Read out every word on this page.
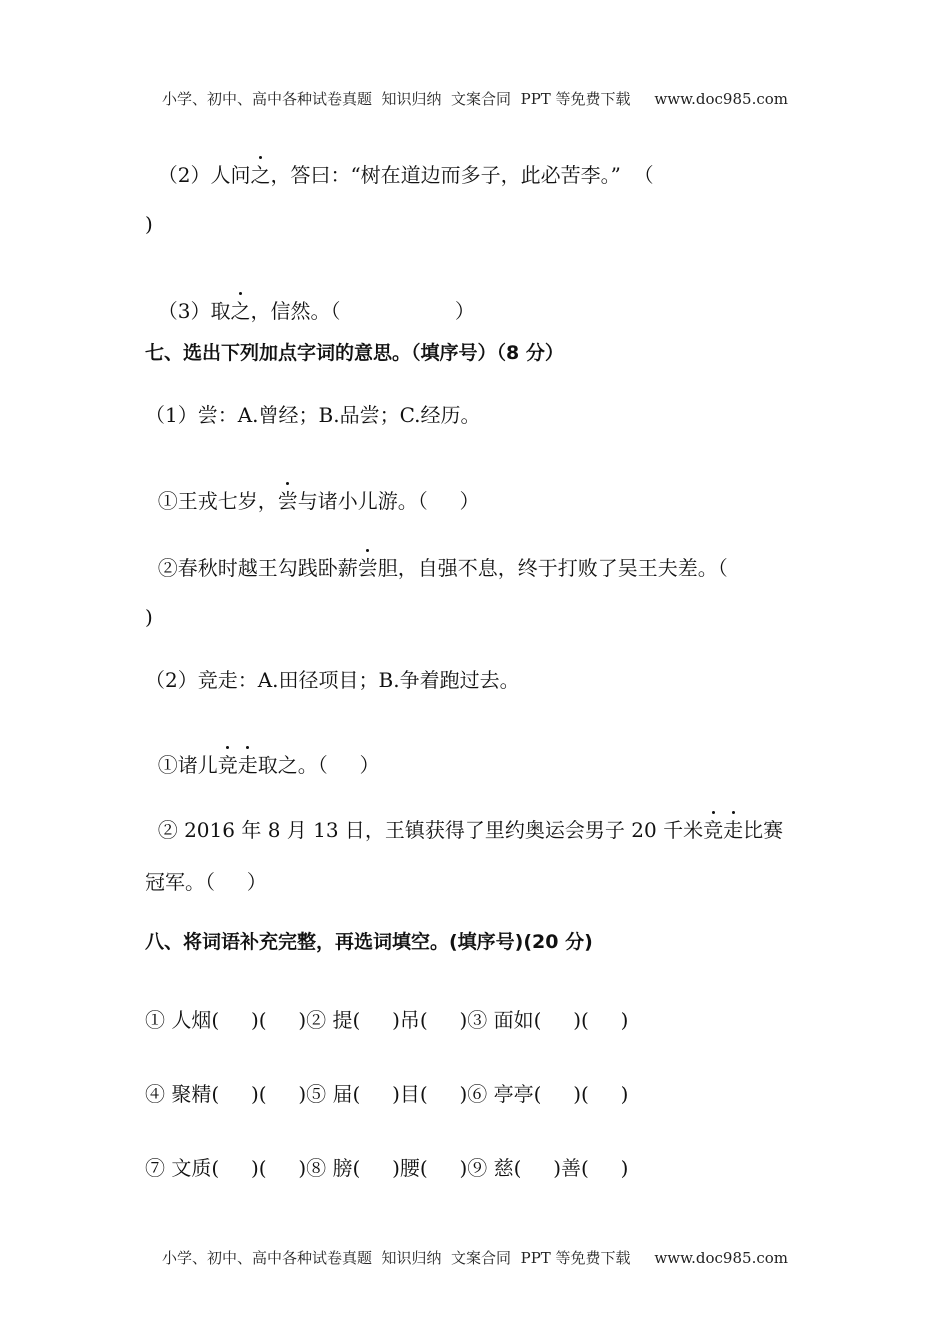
小学、初中、高中各种试卷真题  知识归纳  文案合同  PPT 等免费下载     www.doc985.com

（2）人问之，答曰：“树在道边而多子，此必苦李。”  （

)

（3）取之，信然。（                  ）

七、选出下列加点字词的意思。（填序号）（8 分）
（1）尝：A.曾经；B.品尝；C.经历。

①王戎七岁，尝与诸小儿游。（     ）

②春秋时越王勾践卧薪尝胆，自强不息，终于打败了吴王夫差。（

)
（2）竞走：A.田径项目；B.争着跑过去。

①诸儿竞走取之。（     ）

② 2016 年 8 月 13 日，王镇获得了里约奥运会男子 20 千米竞走比赛

冠军。（     ）
八、将词语补充完整，再选词填空。(填序号)(20 分)
① 人烟(     )(     )② 提(     )吊(     )③ 面如(     )(     )
④ 聚精(     )(     )⑤ 届(     )目(     )⑥ 亭亭(     )(     )
⑦ 文质(     )(     )⑧ 膀(     )腰(     )⑨ 慈(     )善(     )
小学、初中、高中各种试卷真题  知识归纳  文案合同  PPT 等免费下载     www.doc985.com
